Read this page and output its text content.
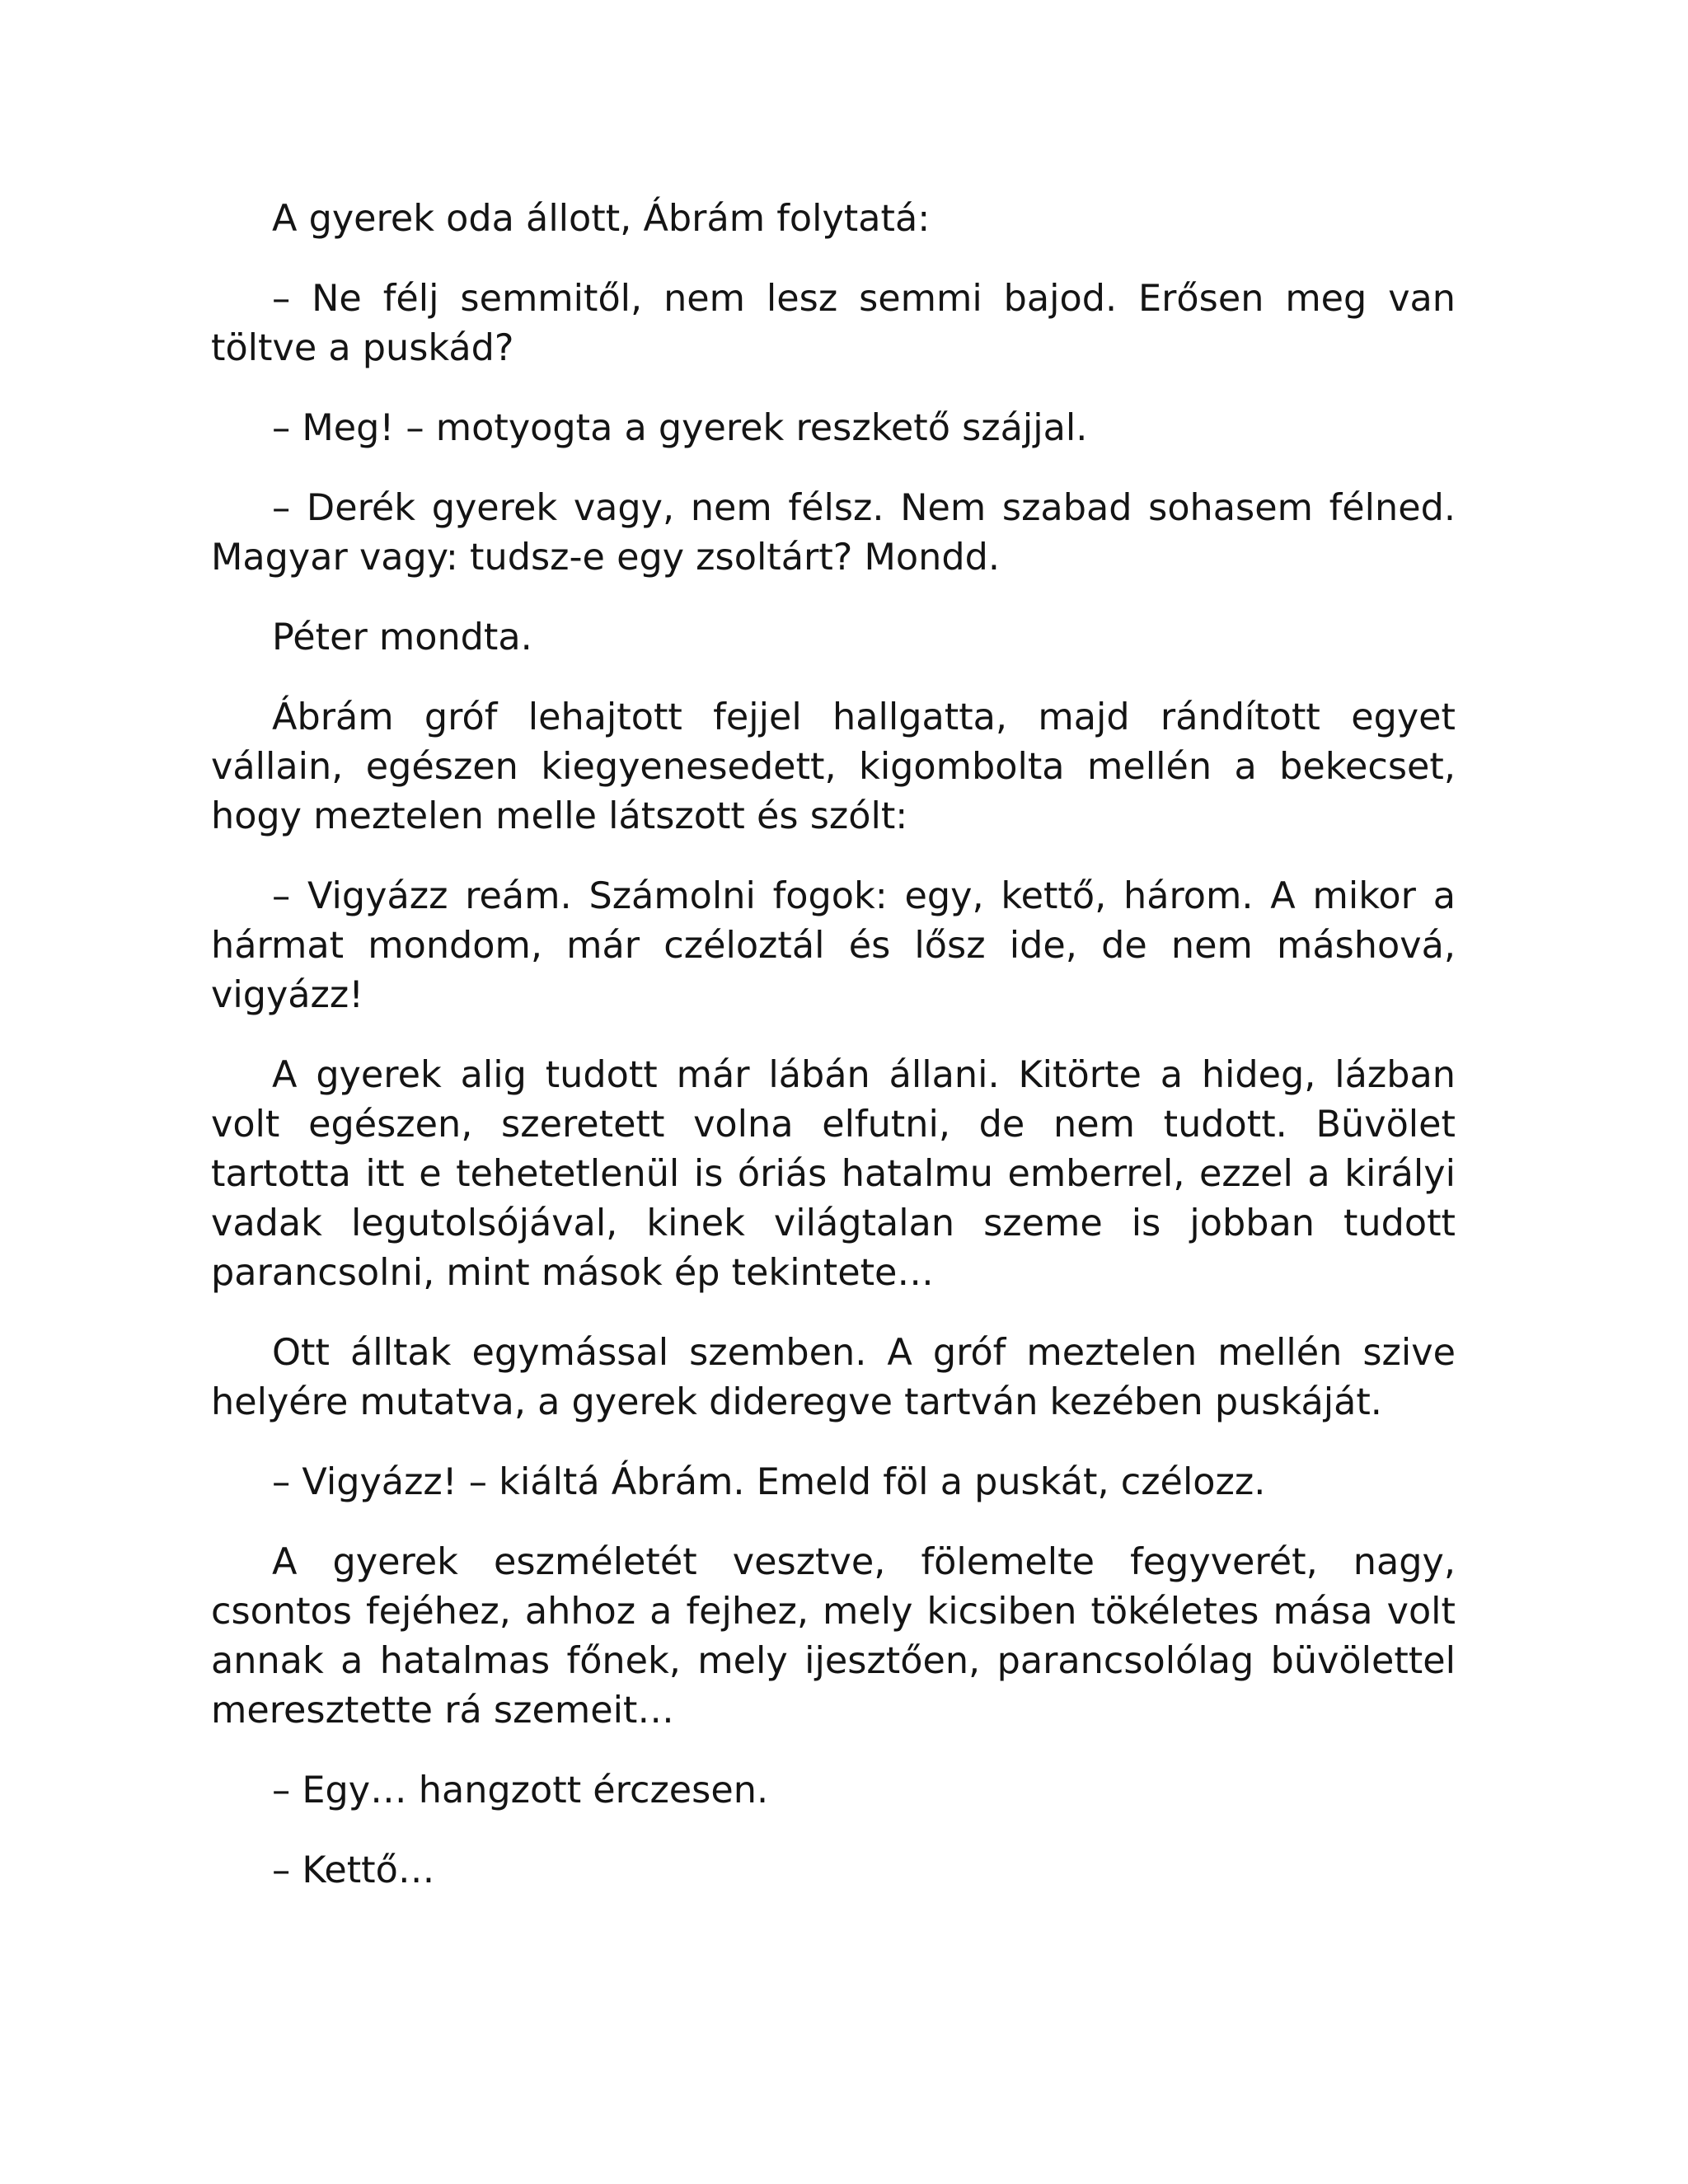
A gyerek oda állott, Ábrám folytatá:

– Ne félj semmitől, nem lesz semmi bajod. Erősen meg van töltve a puskád?

– Meg! – motyogta a gyerek reszkető szájjal.

– Derék gyerek vagy, nem félsz. Nem szabad sohasem félned. Magyar vagy: tudsz-e egy zsoltárt? Mondd.

Péter mondta.

Ábrám gróf lehajtott fejjel hallgatta, majd rándított egyet vállain, egészen kiegyenesedett, kigombolta mellén a bekecset, hogy meztelen melle látszott és szólt:

– Vigyázz reám. Számolni fogok: egy, kettő, három. A mikor a hármat mondom, már czéloztál és lősz ide, de nem máshová, vigyázz!

A gyerek alig tudott már lábán állani. Kitörte a hideg, lázban volt egészen, szeretett volna elfutni, de nem tudott. Büvölet tartotta itt e tehetetlenül is óriás hatalmu emberrel, ezzel a királyi vadak legutolsójával, kinek világtalan szeme is jobban tudott parancsolni, mint mások ép tekintete…

Ott álltak egymással szemben. A gróf meztelen mellén szive helyére mutatva, a gyerek dideregve tartván kezében puskáját.

– Vigyázz! – kiáltá Ábrám. Emeld föl a puskát, czélozz.

A gyerek eszméletét vesztve, fölemelte fegyverét, nagy, csontos fejéhez, ahhoz a fejhez, mely kicsiben tökéletes mása volt annak a hatalmas főnek, mely ijesztően, parancsolólag büvölettel meresztette rá szemeit…

– Egy… hangzott érczesen.

– Kettő…
